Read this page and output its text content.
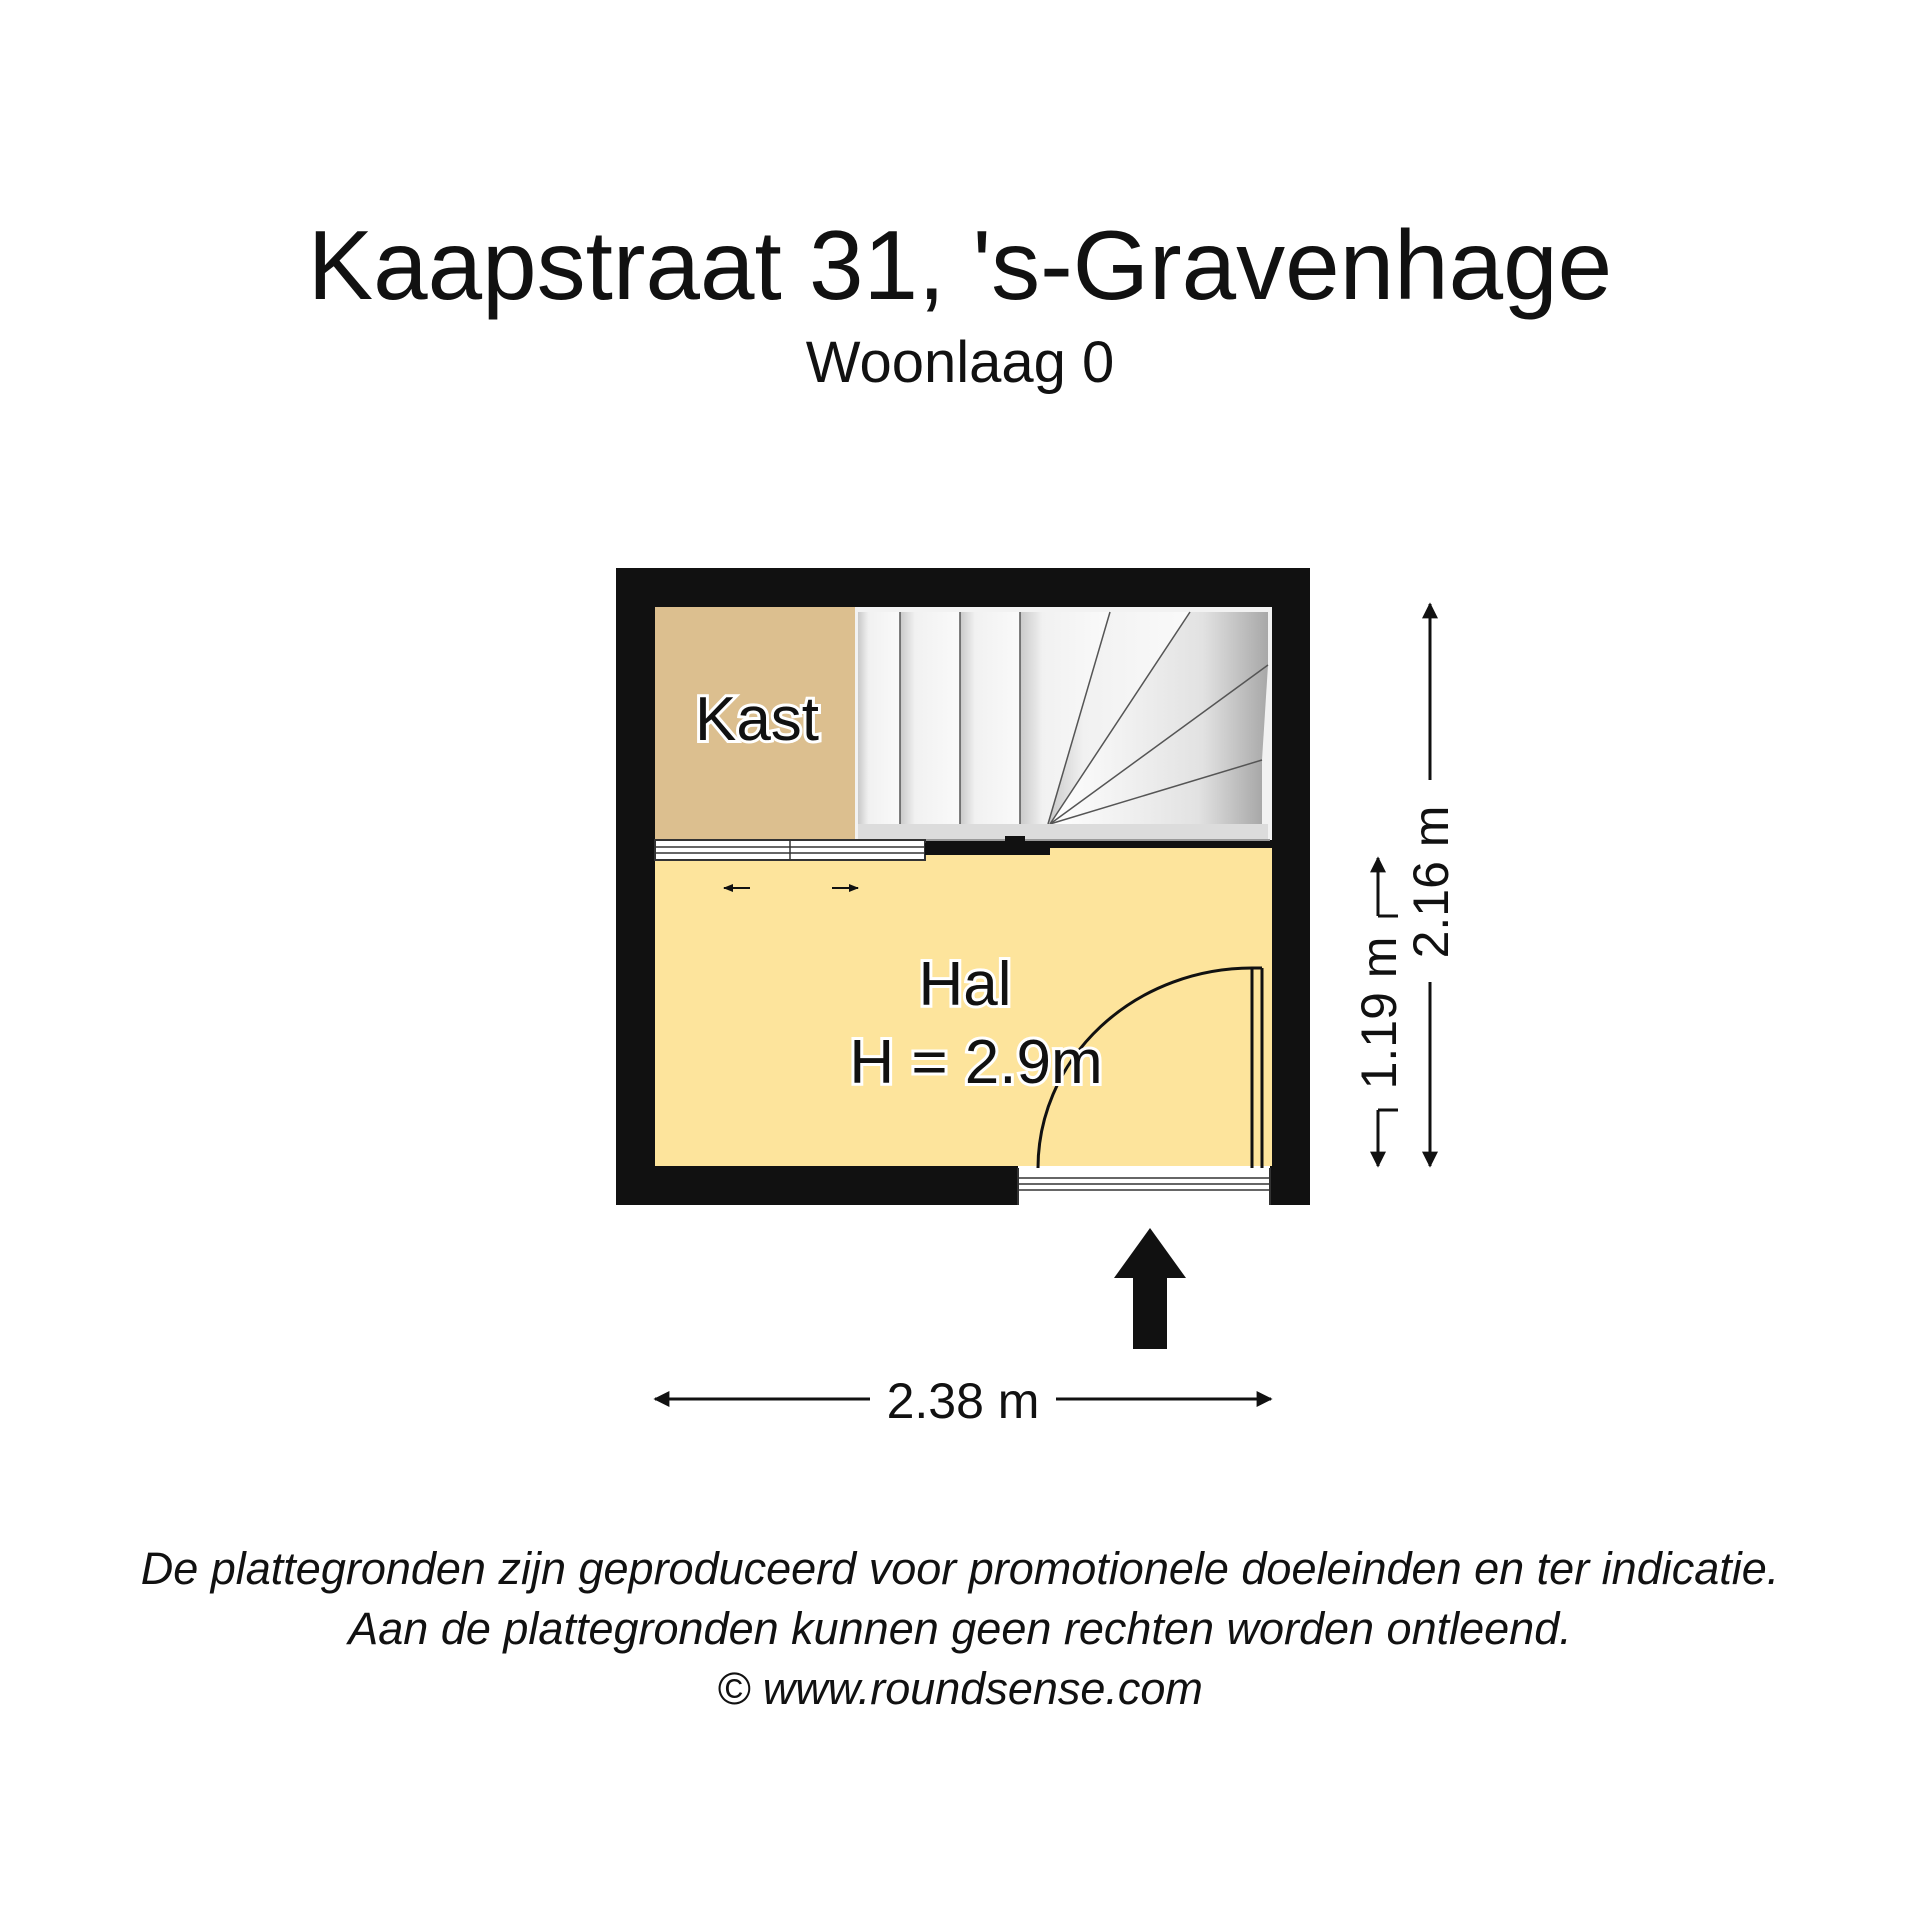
Kaapstraat 31, 's-Gravenhage
Woonlaag 0
Kast
Hal
H = 2.9m
2.38 m
2.16 m
1.19 m
De plattegronden zijn geproduceerd voor promotionele doeleinden en ter indicatie.
Aan de plattegronden kunnen geen rechten worden ontleend.
© www.roundsense.com
